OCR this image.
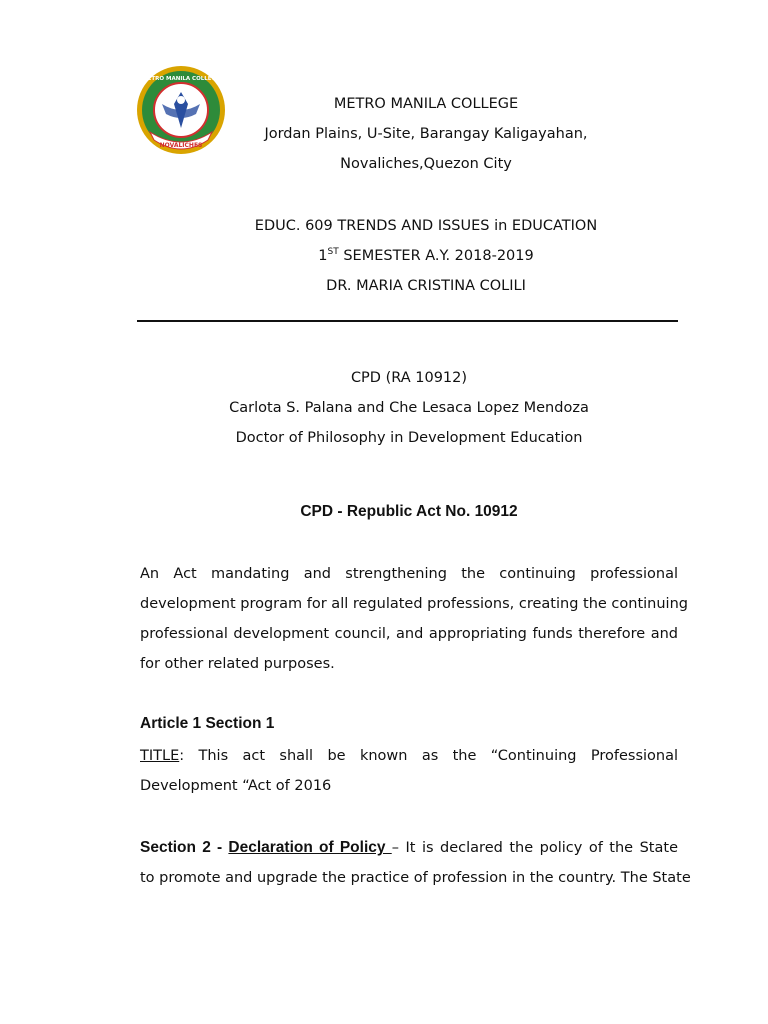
NOVALICHES
METRO MANILA COLLEGE
METRO MANILA COLLEGE
Jordan Plains, U-Site, Barangay Kaligayahan,
Novaliches,Quezon City
EDUC. 609 TRENDS AND ISSUES in EDUCATION
1ST SEMESTER A.Y. 2018-2019
DR. MARIA CRISTINA COLILI
CPD (RA 10912)
Carlota S. Palana and Che Lesaca Lopez Mendoza
Doctor of Philosophy in Development Education
CPD - Republic Act No. 10912
An Act mandating and strengthening the continuing professional
development program for all regulated professions, creating the continuing
professional development council, and appropriating funds therefore and
for other related purposes.
Article 1 Section 1
TITLE: This act shall be known as the “Continuing Professional
Development “Act of 2016
Section 2 - Declaration of Policy – It is declared the policy of the State
to promote and upgrade the practice of profession in the country. The State
